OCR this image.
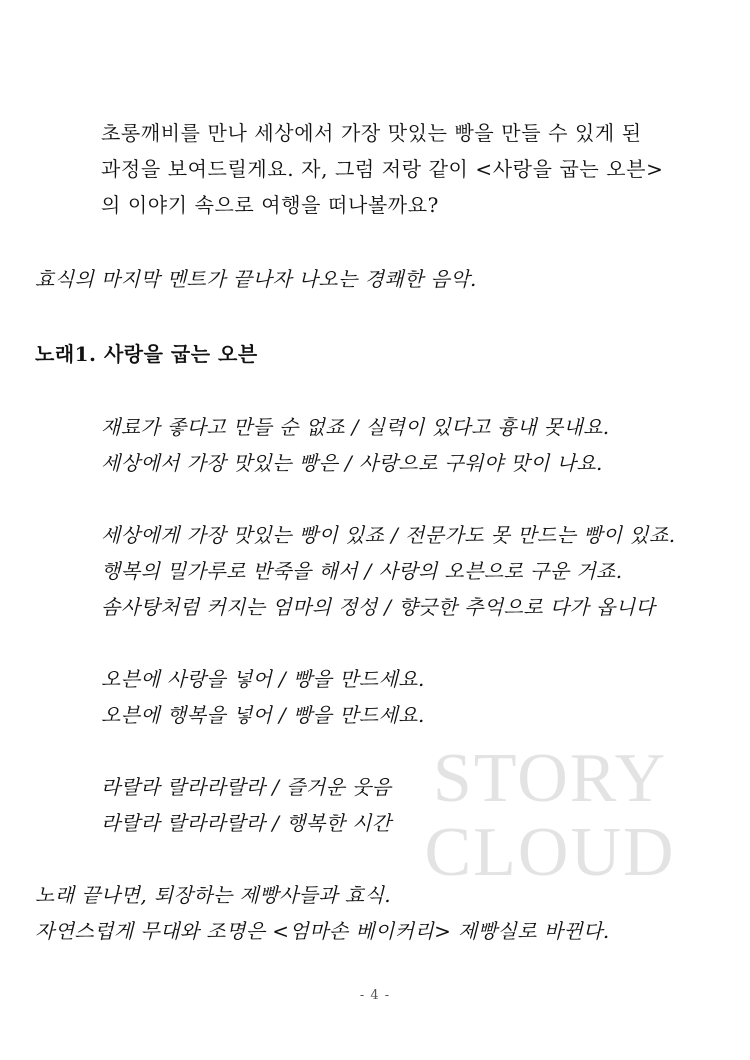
STORY
CLOUD
초롱깨비를 만나 세상에서 가장 맛있는 빵을 만들 수 있게 된
과정을 보여드릴게요. 자, 그럼 저랑 같이 <사랑을 굽는 오븐>
의 이야기 속으로 여행을 떠나볼까요?
효식의 마지막 멘트가 끝나자 나오는 경쾌한 음악.
노래1. 사랑을 굽는 오븐
재료가 좋다고 만들 순 없죠 / 실력이 있다고 흉내 못내요.
세상에서 가장 맛있는 빵은 / 사랑으로 구워야 맛이 나요.
세상에게 가장 맛있는 빵이 있죠 / 전문가도 못 만드는 빵이 있죠.
행복의 밀가루로 반죽을 해서 / 사랑의 오븐으로 구운 거죠.
솜사탕처럼 커지는 엄마의 정성 / 향긋한 추억으로 다가 옵니다
오븐에 사랑을 넣어 / 빵을 만드세요.
오븐에 행복을 넣어 / 빵을 만드세요.
라랄라 랄라라랄라 / 즐거운 웃음
라랄라 랄라라랄라 / 행복한 시간
노래 끝나면, 퇴장하는 제빵사들과 효식.
자연스럽게 무대와 조명은 <엄마손 베이커리> 제빵실로 바뀐다.
- 4 -
